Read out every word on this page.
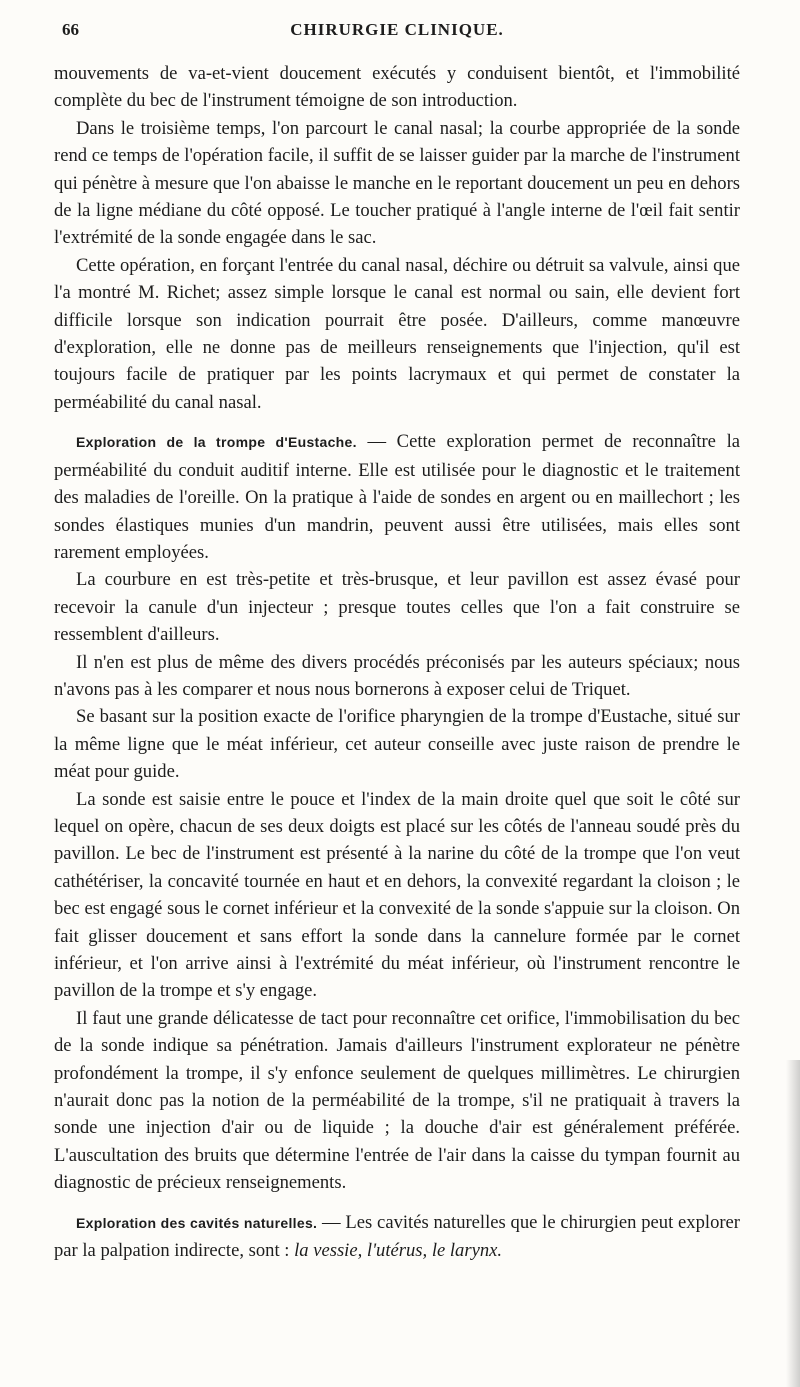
66	CHIRURGIE CLINIQUE.

mouvements de va-et-vient doucement exécutés y conduisent bientôt, et l'immobilité complète du bec de l'instrument témoigne de son introduction.

Dans le troisième temps, l'on parcourt le canal nasal; la courbe appropriée de la sonde rend ce temps de l'opération facile, il suffit de se laisser guider par la marche de l'instrument qui pénètre à mesure que l'on abaisse le manche en le reportant doucement un peu en dehors de la ligne médiane du côté opposé. Le toucher pratiqué à l'angle interne de l'œil fait sentir l'extrémité de la sonde engagée dans le sac.

Cette opération, en forçant l'entrée du canal nasal, déchire ou détruit sa valvule, ainsi que l'a montré M. Richet; assez simple lorsque le canal est normal ou sain, elle devient fort difficile lorsque son indication pourrait être posée. D'ailleurs, comme manœuvre d'exploration, elle ne donne pas de meilleurs renseignements que l'injection, qu'il est toujours facile de pratiquer par les points lacrymaux et qui permet de constater la perméabilité du canal nasal.

Exploration de la trompe d'Eustache. — Cette exploration permet de reconnaître la perméabilité du conduit auditif interne. Elle est utilisée pour le diagnostic et le traitement des maladies de l'oreille. On la pratique à l'aide de sondes en argent ou en maillechort ; les sondes élastiques munies d'un mandrin, peuvent aussi être utilisées, mais elles sont rarement employées.

La courbure en est très-petite et très-brusque, et leur pavillon est assez évasé pour recevoir la canule d'un injecteur ; presque toutes celles que l'on a fait construire se ressemblent d'ailleurs.

Il n'en est plus de même des divers procédés préconisés par les auteurs spéciaux; nous n'avons pas à les comparer et nous nous bornerons à exposer celui de Triquet.

Se basant sur la position exacte de l'orifice pharyngien de la trompe d'Eustache, situé sur la même ligne que le méat inférieur, cet auteur conseille avec juste raison de prendre le méat pour guide.

La sonde est saisie entre le pouce et l'index de la main droite quel que soit le côté sur lequel on opère, chacun de ses deux doigts est placé sur les côtés de l'anneau soudé près du pavillon. Le bec de l'instrument est présenté à la narine du côté de la trompe que l'on veut cathétériser, la concavité tournée en haut et en dehors, la convexité regardant la cloison ; le bec est engagé sous le cornet inférieur et la convexité de la sonde s'appuie sur la cloison. On fait glisser doucement et sans effort la sonde dans la cannelure formée par le cornet inférieur, et l'on arrive ainsi à l'extrémité du méat inférieur, où l'instrument rencontre le pavillon de la trompe et s'y engage.

Il faut une grande délicatesse de tact pour reconnaître cet orifice, l'immobilisation du bec de la sonde indique sa pénétration. Jamais d'ailleurs l'instrument explorateur ne pénètre profondément la trompe, il s'y enfonce seulement de quelques millimètres. Le chirurgien n'aurait donc pas la notion de la perméabilité de la trompe, s'il ne pratiquait à travers la sonde une injection d'air ou de liquide ; la douche d'air est généralement préférée. L'auscultation des bruits que détermine l'entrée de l'air dans la caisse du tympan fournit au diagnostic de précieux renseignements.

Exploration des cavités naturelles. — Les cavités naturelles que le chirurgien peut explorer par la palpation indirecte, sont : la vessie, l'utérus, le larynx.
